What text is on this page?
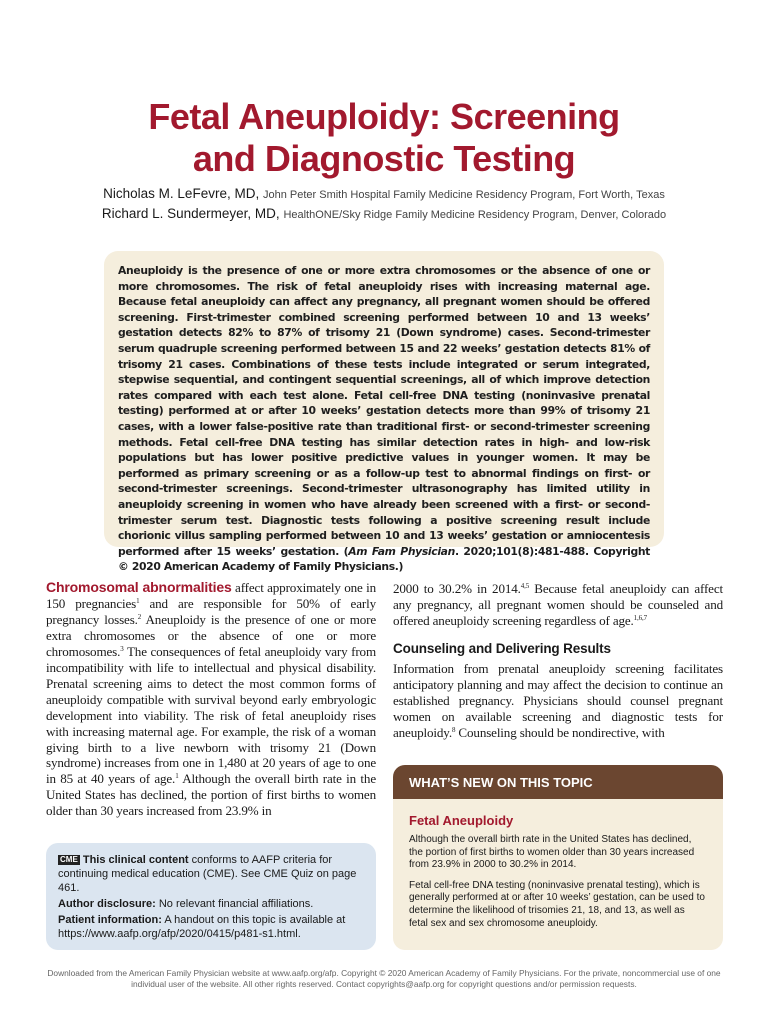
Fetal Aneuploidy: Screening
and Diagnostic Testing
Nicholas M. LeFevre, MD, John Peter Smith Hospital Family Medicine Residency Program, Fort Worth, Texas
Richard L. Sundermeyer, MD, HealthONE/Sky Ridge Family Medicine Residency Program, Denver, Colorado

Aneuploidy is the presence of one or more extra chromosomes or the absence of one or more chromosomes. The risk of fetal aneuploidy rises with increasing maternal age. Because fetal aneuploidy can affect any pregnancy, all pregnant women should be offered screening. First-trimester combined screening performed between 10 and 13 weeks’ gestation detects 82% to 87% of trisomy 21 (Down syndrome) cases. Second-trimester serum quadruple screening performed between 15 and 22 weeks’ gestation detects 81% of trisomy 21 cases. Combinations of these tests include integrated or serum integrated, stepwise sequential, and contingent sequential screenings, all of which improve detection rates compared with each test alone. Fetal cell-free DNA testing (noninvasive prenatal testing) performed at or after 10 weeks’ gestation detects more than 99% of trisomy 21 cases, with a lower false-positive rate than traditional first- or second-trimester screening methods. Fetal cell-free DNA testing has similar detection rates in high- and low-risk populations but has lower positive predictive values in younger women. It may be performed as primary screening or as a follow-up test to abnormal findings on first- or second-trimester screenings. Second-trimester ultrasonography has limited utility in aneuploidy screening in women who have already been screened with a first- or second-trimester serum test. Diagnostic tests following a positive screening result include chorionic villus sampling performed between 10 and 13 weeks’ gestation or amniocentesis performed after 15 weeks’ gestation. (Am Fam Physician. 2020;101(8):481-488. Copyright © 2020 American Academy of Family Physicians.)

Chromosomal abnormalities affect approximately one in 150 pregnancies$^1$ and are responsible for 50% of early pregnancy losses.$^2$ Aneuploidy is the presence of one or more extra chromosomes or the absence of one or more chromosomes.$^3$ The consequences of fetal aneuploidy vary from incompatibility with life to intellectual and physical disability. Prenatal screening aims to detect the most common forms of aneuploidy compatible with survival beyond early embryologic development into viability. The risk of fetal aneuploidy rises with increasing maternal age. For example, the risk of a woman giving birth to a live newborn with trisomy 21 (Down syndrome) increases from one in 1,480 at 20 years of age to one in 85 at 40 years of age.$^1$ Although the overall birth rate in the United States has declined, the portion of first births to women older than 30 years increased from 23.9% in

2000 to 30.2% in 2014.$^{4,5}$ Because fetal aneuploidy can affect any pregnancy, all pregnant women should be counseled and offered aneuploidy screening regardless of age.$^{1,6,7}$

Counseling and Delivering Results

Information from prenatal aneuploidy screening facilitates anticipatory planning and may affect the decision to continue an established pregnancy. Physicians should counsel pregnant women on available screening and diagnostic tests for aneuploidy.$^8$ Counseling should be nondirective, with

CME This clinical content conforms to AAFP criteria for continuing medical education (CME). See CME Quiz on page 461.

Author disclosure: No relevant financial affiliations.

Patient information: A handout on this topic is available at https://www.aafp.org/afp/2020/0415/p481-s1.html.

WHAT’S NEW ON THIS TOPIC
Fetal Aneuploidy

Although the overall birth rate in the United States has declined, the portion of first births to women older than 30 years increased from 23.9% in 2000 to 30.2% in 2014.

Fetal cell-free DNA testing (noninvasive prenatal testing), which is generally performed at or after 10 weeks’ gestation, can be used to determine the likelihood of trisomies 21, 18, and 13, as well as fetal sex and sex chromosome aneuploidy.

Downloaded from the American Family Physician website at www.aafp.org/afp. Copyright © 2020 American Academy of Family Physicians. For the private, noncommercial use of one individual user of the website. All other rights reserved. Contact copyrights@aafp.org for copyright questions and/or permission requests.
